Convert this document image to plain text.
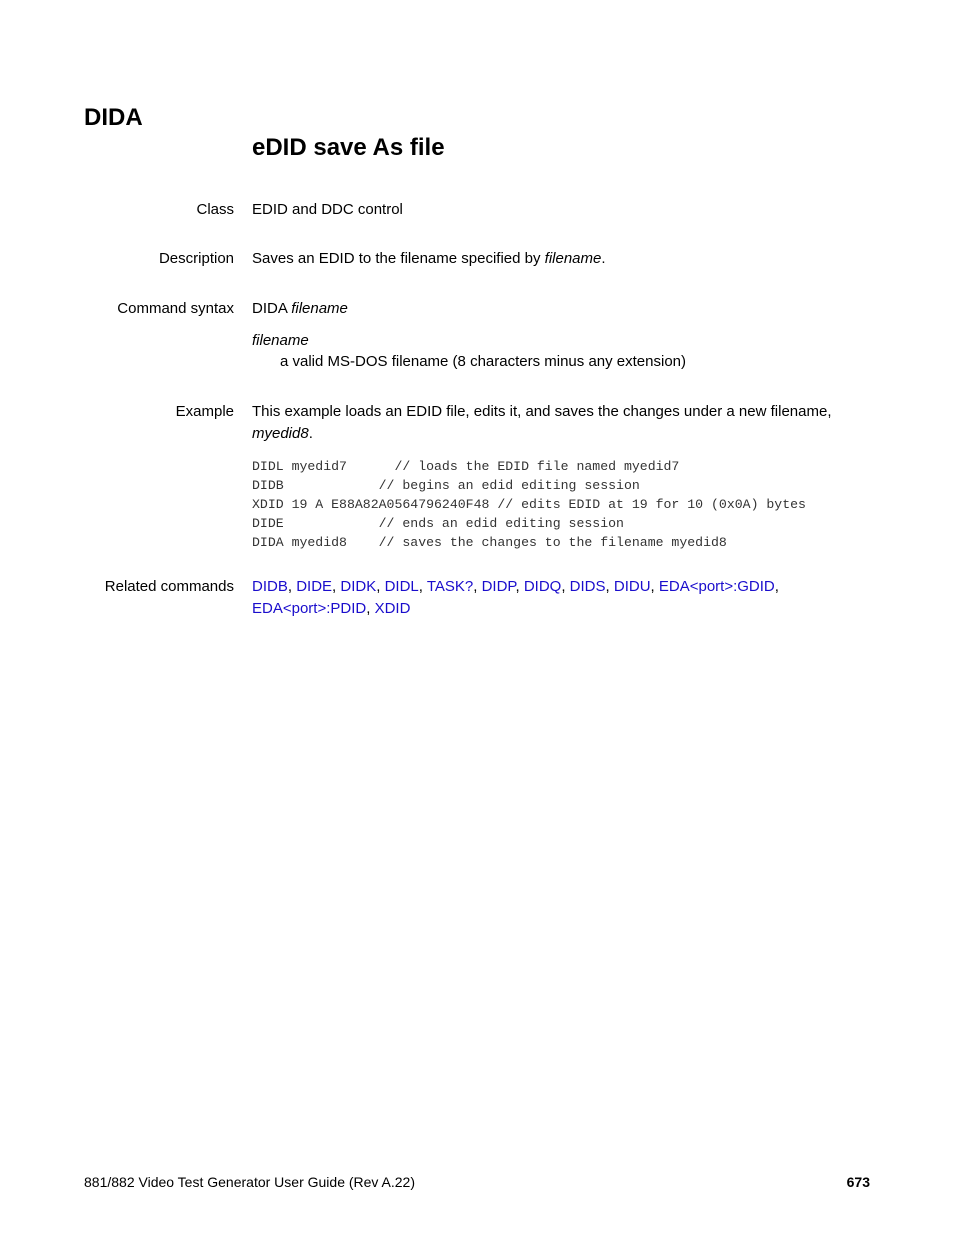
DIDA
eDID save As file
Class EDID and DDC control
Description Saves an EDID to the filename specified by filename.
Command syntax DIDA filename
filename
a valid MS-DOS filename (8 characters minus any extension)
Example This example loads an EDID file, edits it, and saves the changes under a new filename,
myedid8.
DIDL myedid7      // loads the EDID file named myedid7
DIDB            // begins an edid editing session
XDID 19 A E88A82A0564796240F48 // edits EDID at 19 for 10 (0x0A) bytes
DIDE            // ends an edid editing session
DIDA myedid8    // saves the changes to the filename myedid8
Related commands DIDB, DIDE, DIDK, DIDL, TASK?, DIDP, DIDQ, DIDS, DIDU, EDA<port>:GDID,
EDA<port>:PDID, XDID
881/882 Video Test Generator User Guide (Rev A.22)	673
